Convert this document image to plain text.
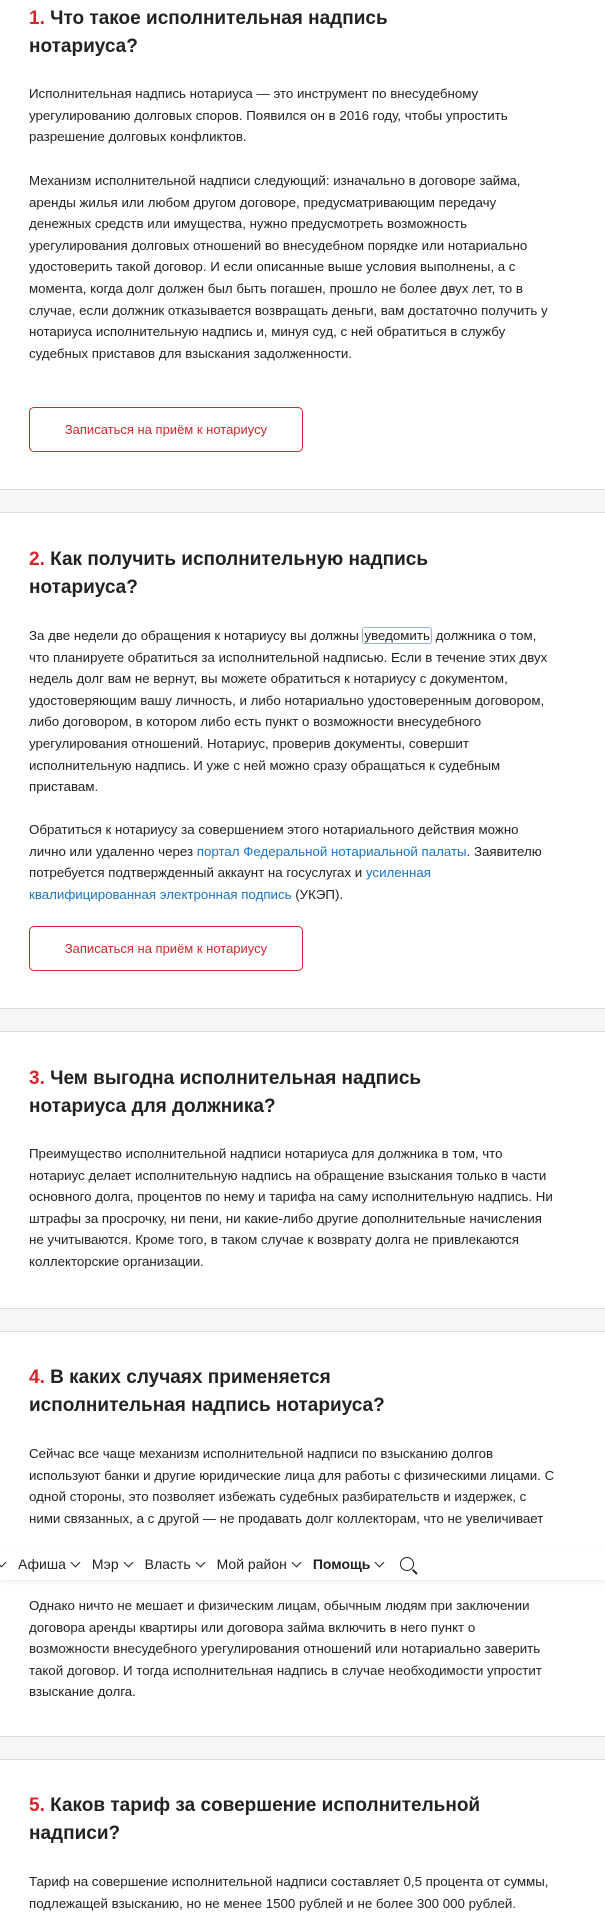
1. Что такое исполнительная надпись
нотариуса?
Исполнительная надпись нотариуса — это инструмент по внесудебному
урегулированию долговых споров. Появился он в 2016 году, чтобы упростить
разрешение долговых конфликтов.
Механизм исполнительной надписи следующий: изначально в договоре займа,
аренды жилья или любом другом договоре, предусматривающим передачу
денежных средств или имущества, нужно предусмотреть возможность
урегулирования долговых отношений во внесудебном порядке или нотариально
удостоверить такой договор. И если описанные выше условия выполнены, а с
момента, когда долг должен был быть погашен, прошло не более двух лет, то в
случае, если должник отказывается возвращать деньги, вам достаточно получить у
нотариуса исполнительную надпись и, минуя суд, с ней обратиться в службу
судебных приставов для взыскания задолженности.
Записаться на приём к нотариусу
2. Как получить исполнительную надпись
нотариуса?
За две недели до обращения к нотариусу вы должны уведомить должника о том,
что планируете обратиться за исполнительной надписью. Если в течение этих двух
недель долг вам не вернут, вы можете обратиться к нотариусу с документом,
удостоверяющим вашу личность, и либо нотариально удостоверенным договором,
либо договором, в котором либо есть пункт о возможности внесудебного
урегулирования отношений. Нотариус, проверив документы, совершит
исполнительную надпись. И уже с ней можно сразу обращаться к судебным
приставам.
Обратиться к нотариусу за совершением этого нотариального действия можно
лично или удаленно через портал Федеральной нотариальной палаты. Заявителю
потребуется подтвержденный аккаунт на госуслугах и усиленная
квалифицированная электронная подпись (УКЭП).
Записаться на приём к нотариусу
3. Чем выгодна исполнительная надпись
нотариуса для должника?
Преимущество исполнительной надписи нотариуса для должника в том, что
нотариус делает исполнительную надпись на обращение взыскания только в части
основного долга, процентов по нему и тарифа на саму исполнительную надпись. Ни
штрафы за просрочку, ни пени, ни какие-либо другие дополнительные начисления
не учитываются. Кроме того, в таком случае к возврату долга не привлекаются
коллекторские организации.
4. В каких случаях применяется
исполнительная надпись нотариуса?
Сейчас все чаще механизм исполнительной надписи по взысканию долгов
используют банки и другие юридические лица для работы с физическими лицами. С
одной стороны, это позволяет избежать судебных разбирательств и издержек, с
ними связанных, а с другой — не продавать долг коллекторам, что не увеличивает
Афиша Мэр Власть Мой район Помощь
Однако ничто не мешает и физическим лицам, обычным людям при заключении
договора аренды квартиры или договора займа включить в него пункт о
возможности внесудебного урегулирования отношений или нотариально заверить
такой договор. И тогда исполнительная надпись в случае необходимости упростит
взыскание долга.
5. Каков тариф за совершение исполнительной
надписи?
Тариф на совершение исполнительной надписи составляет 0,5 процента от суммы,
подлежащей взысканию, но не менее 1500 рублей и не более 300 000 рублей.
